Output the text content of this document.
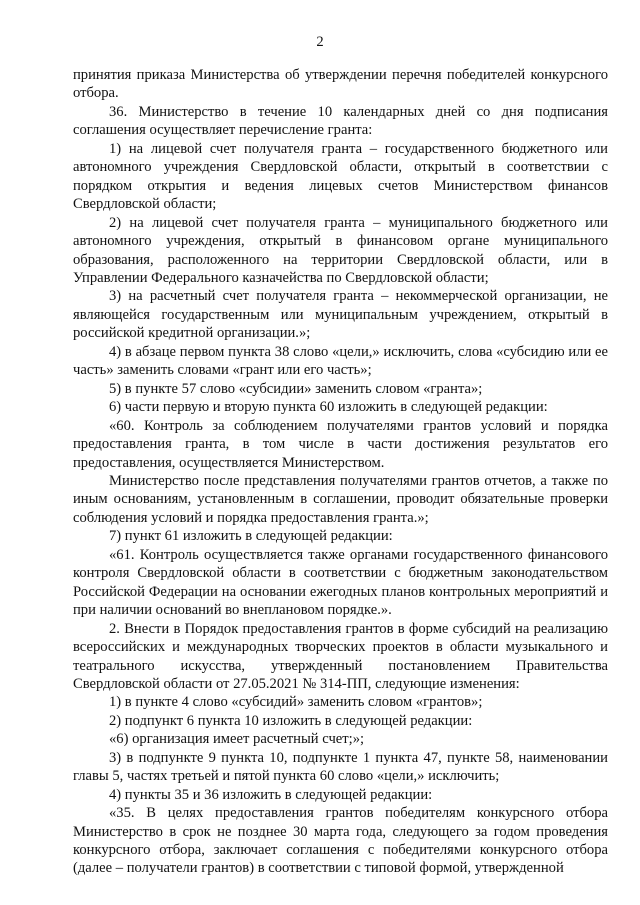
2

принятия приказа Министерства об утверждении перечня победителей конкурсного отбора.

36. Министерство в течение 10 календарных дней со дня подписания соглашения осуществляет перечисление гранта:

1) на лицевой счет получателя гранта – государственного бюджетного или автономного учреждения Свердловской области, открытый в соответствии с порядком открытия и ведения лицевых счетов Министерством финансов Свердловской области;

2) на лицевой счет получателя гранта – муниципального бюджетного или автономного учреждения, открытый в финансовом органе муниципального образования, расположенного на территории Свердловской области, или в Управлении Федерального казначейства по Свердловской области;

3) на расчетный счет получателя гранта – некоммерческой организации, не являющейся государственным или муниципальным учреждением, открытый в российской кредитной организации.»;

4) в абзаце первом пункта 38 слово «цели,» исключить, слова «субсидию или ее часть» заменить словами «грант или его часть»;

5) в пункте 57 слово «субсидии» заменить словом «гранта»;

6) части первую и вторую пункта 60 изложить в следующей редакции:

«60. Контроль за соблюдением получателями грантов условий и порядка предоставления гранта, в том числе в части достижения результатов его предоставления, осуществляется Министерством.

Министерство после представления получателями грантов отчетов, а также по иным основаниям, установленным в соглашении, проводит обязательные проверки соблюдения условий и порядка предоставления гранта.»;

7) пункт 61 изложить в следующей редакции:

«61. Контроль осуществляется также органами государственного финансового контроля Свердловской области в соответствии с бюджетным законодательством Российской Федерации на основании ежегодных планов контрольных мероприятий и при наличии оснований во внеплановом порядке.».

2. Внести в Порядок предоставления грантов в форме субсидий на реализацию всероссийских и международных творческих проектов в области музыкального и театрального искусства, утвержденный постановлением Правительства Свердловской области от 27.05.2021 № 314-ПП, следующие изменения:

1) в пункте 4 слово «субсидий» заменить словом «грантов»;

2) подпункт 6 пункта 10 изложить в следующей редакции:

«6) организация имеет расчетный счет;»;

3) в подпункте 9 пункта 10, подпункте 1 пункта 47, пункте 58, наименовании главы 5, частях третьей и пятой пункта 60 слово «цели,» исключить;

4) пункты 35 и 36 изложить в следующей редакции:

«35. В целях предоставления грантов победителям конкурсного отбора Министерство в срок не позднее 30 марта года, следующего за годом проведения конкурсного отбора, заключает соглашения с победителями конкурсного отбора (далее – получатели грантов) в соответствии с типовой формой, утвержденной
